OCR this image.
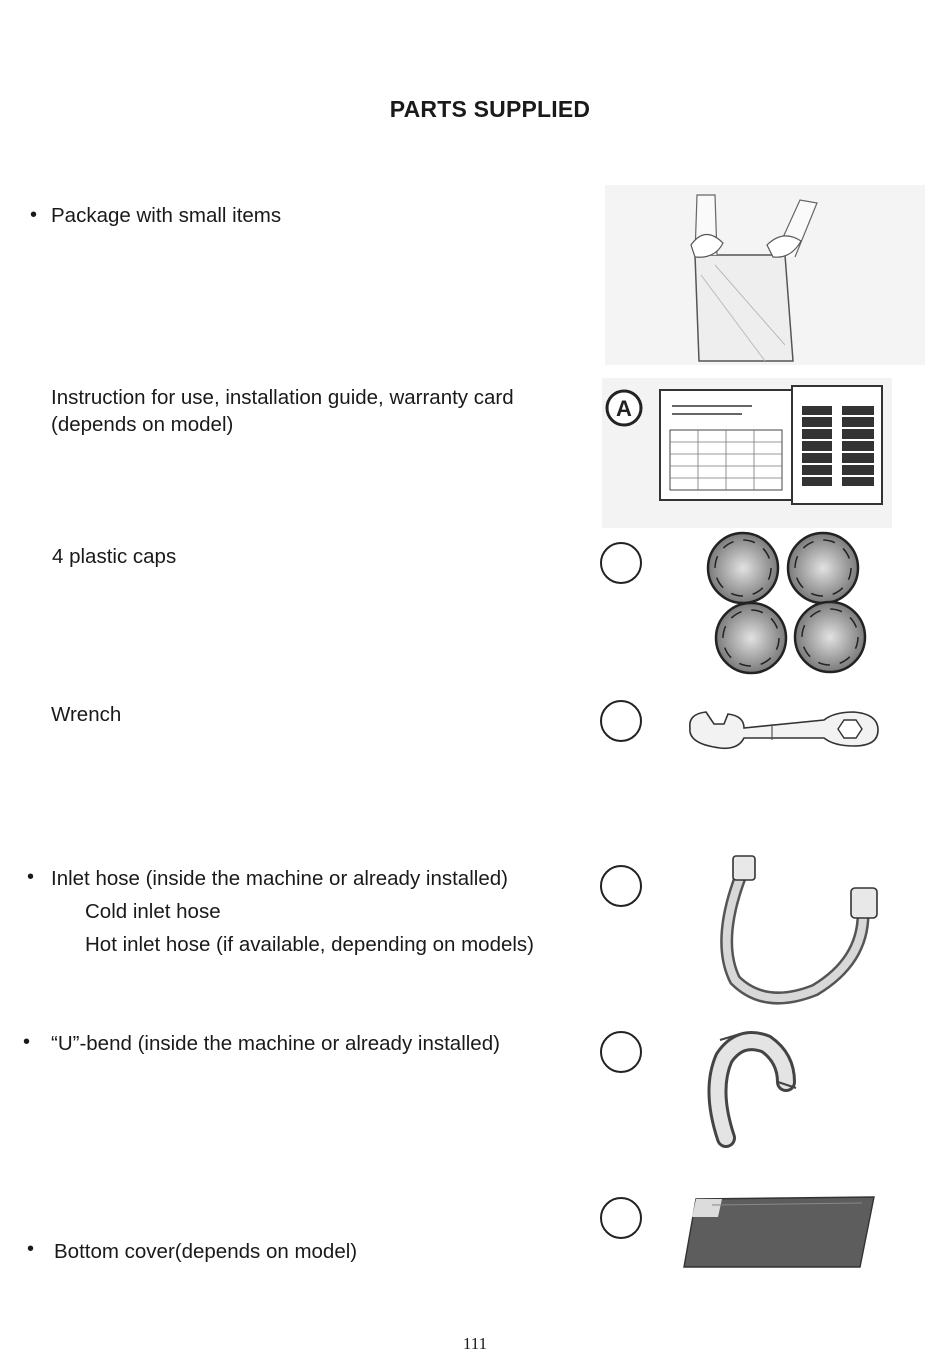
PARTS SUPPLIED
• Package with small items
Instruction for use, installation guide, warranty card
(depends on model)
A
4 plastic caps
Wrench
• Inlet hose (inside the machine or already installed)
Cold inlet hose
Hot inlet hose (if available, depending on models)
• “U”-bend (inside the machine or already installed)
• Bottom cover(depends on model)
111
